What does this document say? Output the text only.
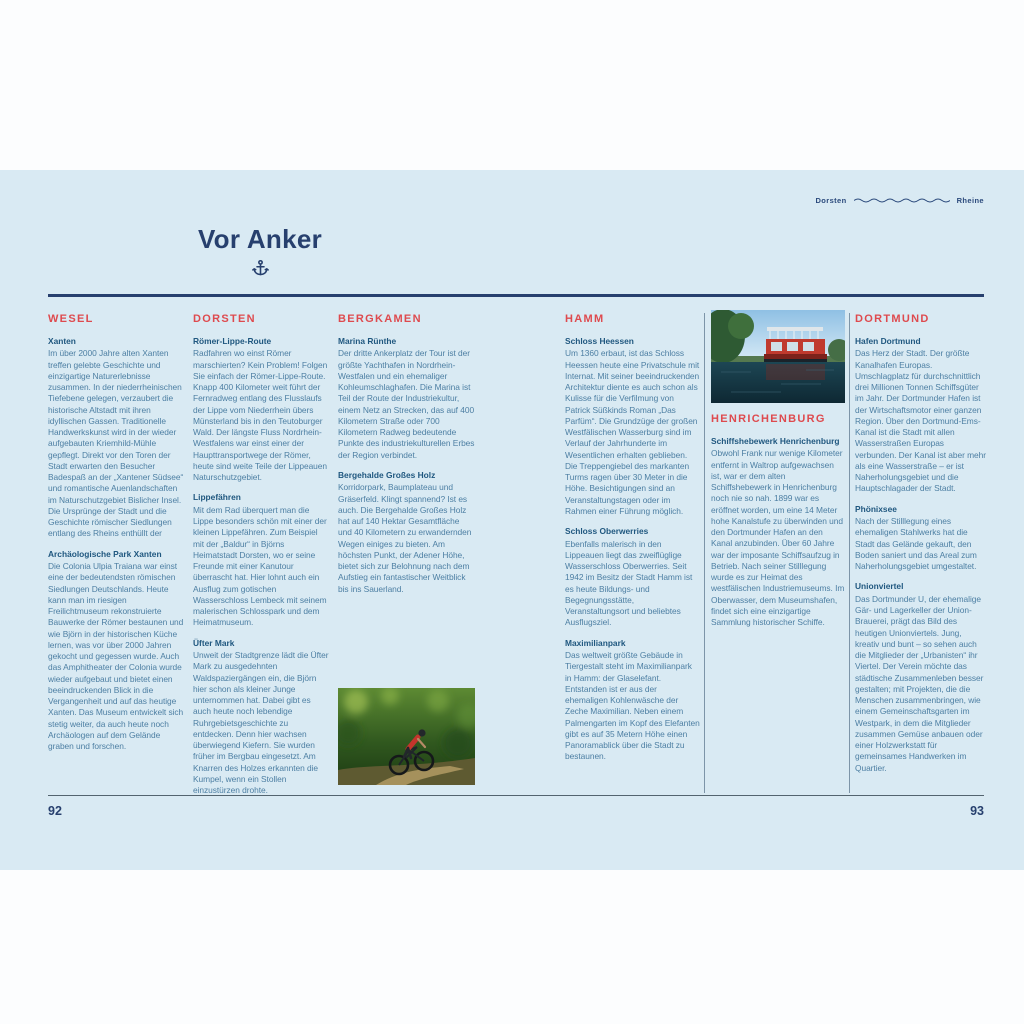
Dorsten	Rheine
Vor Anker
WESEL
Xanten

Im über 2000 Jahre alten Xanten treffen gelebte Geschichte und einzigartige Naturerlebnisse zusammen. In der niederrheinischen Tiefebene gelegen, verzaubert die historische Altstadt mit ihren idyllischen Gassen. Traditionelle Handwerkskunst wird in der wieder aufgebauten Kriemhild-Mühle gepflegt. Direkt vor den Toren der Stadt erwarten den Besucher Badespaß an der „Xantener Südsee“ und romantische Auenlandschaften im Naturschutzgebiet Bislicher Insel. Die Ursprünge der Stadt und die Geschichte römischer Siedlungen entlang des Rheins enthüllt der

Archäologische Park Xanten

Die Colonia Ulpia Traiana war einst eine der bedeutendsten römischen Siedlungen Deutschlands. Heute kann man im riesigen Freilichtmuseum rekonstruierte Bauwerke der Römer bestaunen und wie Björn in der historischen Küche lernen, was vor über 2000 Jahren gekocht und gegessen wurde. Auch das Amphitheater der Colonia wurde wieder aufgebaut und bietet einen beeindruckenden Blick in die Vergangenheit und auf das heutige Xanten. Das Museum entwickelt sich stetig weiter, da auch heute noch Archäologen auf dem Gelände graben und forschen.

DORSTEN
Römer-Lippe-Route

Radfahren wo einst Römer marschierten? Kein Problem! Folgen Sie einfach der Römer-Lippe-Route. Knapp 400 Kilometer weit führt der Fernradweg entlang des Flusslaufs der Lippe vom Niederrhein übers Münsterland bis in den Teutoburger Wald. Der längste Fluss Nordrhein-Westfalens war einst einer der Haupttransportwege der Römer, heute sind weite Teile der Lippeauen Naturschutzgebiet.

Lippefähren

Mit dem Rad überquert man die Lippe besonders schön mit einer der kleinen Lippefähren. Zum Beispiel mit der „Baldur“ in Björns Heimatstadt Dorsten, wo er seine Freunde mit einer Kanutour überrascht hat. Hier lohnt auch ein Ausflug zum gotischen Wasserschloss Lembeck mit seinem malerischen Schlosspark und dem Heimatmuseum.

Üfter Mark

Unweit der Stadtgrenze lädt die Üfter Mark zu ausgedehnten Waldspaziergängen ein, die Björn hier schon als kleiner Junge unternommen hat. Dabei gibt es auch heute noch lebendige Ruhrgebietsgeschichte zu entdecken. Denn hier wachsen überwiegend Kiefern. Sie wurden früher im Bergbau eingesetzt. Am Knarren des Holzes erkannten die Kumpel, wenn ein Stollen einzustürzen drohte.

BERGKAMEN
Marina Rünthe

Der dritte Ankerplatz der Tour ist der größte Yachthafen in Nordrhein-Westfalen und ein ehemaliger Kohleumschlaghafen. Die Marina ist Teil der Route der Industriekultur, einem Netz an Strecken, das auf 400 Kilometern Straße oder 700 Kilometern Radweg bedeutende Punkte des industriekulturellen Erbes der Region verbindet.

Bergehalde Großes Holz

Korridorpark, Baumplateau und Gräserfeld. Klingt spannend? Ist es auch. Die Bergehalde Großes Holz hat auf 140 Hektar Gesamtfläche und 40 Kilometern zu erwandernden Wegen einiges zu bieten. Am höchsten Punkt, der Adener Höhe, bietet sich zur Belohnung nach dem Aufstieg ein fantastischer Weitblick bis ins Sauerland.

HAMM
Schloss Heessen

Um 1360 erbaut, ist das Schloss Heessen heute eine Privatschule mit Internat. Mit seiner beeindruckenden Architektur diente es auch schon als Kulisse für die Verfilmung von Patrick Süßkinds Roman „Das Parfüm“. Die Grundzüge der großen Westfälischen Wasserburg sind im Verlauf der Jahrhunderte im Wesentlichen erhalten geblieben. Die Treppengiebel des markanten Turms ragen über 30 Meter in die Höhe. Besichtigungen sind an Veranstaltungstagen oder im Rahmen einer Führung möglich.

Schloss Oberwerries

Ebenfalls malerisch in den Lippeauen liegt das zweiflüglige Wasserschloss Oberwerries. Seit 1942 im Besitz der Stadt Hamm ist es heute Bildungs- und Begegnungsstätte, Veranstaltungsort und beliebtes Ausflugsziel.

Maximilianpark

Das weltweit größte Gebäude in Tiergestalt steht im Maximilianpark in Hamm: der Glaselefant. Entstanden ist er aus der ehemaligen Kohlenwäsche der Zeche Maximilian. Neben einem Palmengarten im Kopf des Elefanten gibt es auf 35 Metern Höhe einen Panoramablick über die Stadt zu bestaunen.

HENRICHENBURG
Schiffshebewerk Henrichenburg

Obwohl Frank nur wenige Kilometer entfernt in Waltrop aufgewachsen ist, war er dem alten Schiffshebewerk in Henrichenburg noch nie so nah. 1899 war es eröffnet worden, um eine 14 Meter hohe Kanalstufe zu überwinden und den Dortmunder Hafen an den Kanal anzubinden. Über 60 Jahre war der imposante Schiffsaufzug in Betrieb. Nach seiner Stilllegung wurde es zur Heimat des westfälischen Industriemuseums. Im Oberwasser, dem Museumshafen, findet sich eine einzigartige Sammlung historischer Schiffe.

DORTMUND
Hafen Dortmund

Das Herz der Stadt. Der größte Kanalhafen Europas. Umschlagplatz für durchschnittlich drei Millionen Tonnen Schiffsgüter im Jahr. Der Dortmunder Hafen ist der Wirtschaftsmotor einer ganzen Region. Über den Dortmund-Ems-Kanal ist die Stadt mit allen Wasserstraßen Europas verbunden. Der Kanal ist aber mehr als eine Wasserstraße – er ist Naherholungsgebiet und die Hauptschlagader der Stadt.

Phönixsee

Nach der Stilllegung eines ehemaligen Stahlwerks hat die Stadt das Gelände gekauft, den Boden saniert und das Areal zum Naherholungsgebiet umgestaltet.

Unionviertel

Das Dortmunder U, der ehemalige Gär- und Lagerkeller der Union-Brauerei, prägt das Bild des heutigen Unionviertels. Jung, kreativ und bunt – so sehen auch die Mitglieder der „Urbanisten“ ihr Viertel. Der Verein möchte das städtische Zusammenleben besser gestalten; mit Projekten, die die Menschen zusammenbringen, wie einem Gemeinschaftsgarten im Westpark, in dem die Mitglieder zusammen Gemüse anbauen oder einer Holzwerkstatt für gemeinsames Handwerken im Quartier.

92	93
